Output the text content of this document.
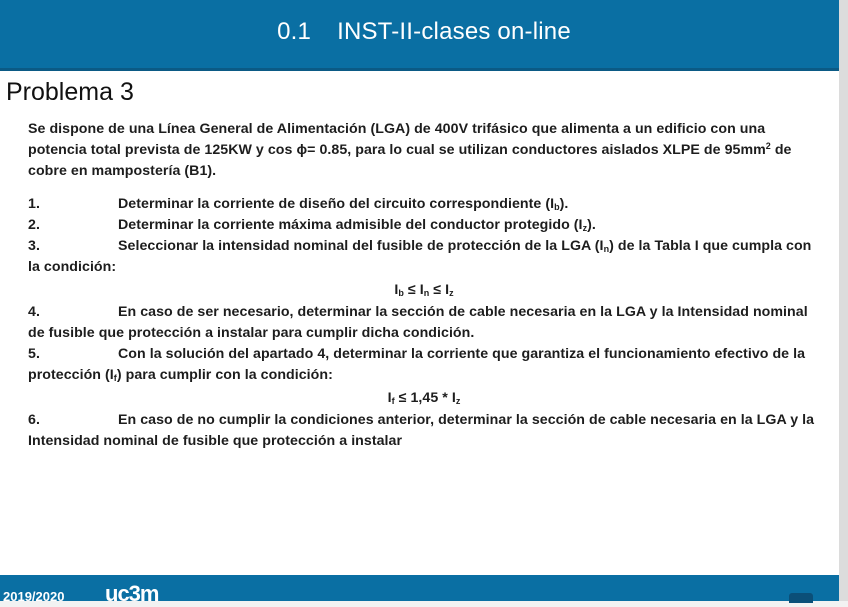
0.1 INST-II-clases on-line
Problema 3

Se dispone de una Línea General de Alimentación (LGA) de 400V trifásico que alimenta a un edificio con una potencia total prevista de 125KW y cos ϕ= 0.85, para lo cual se utilizan conductores aislados XLPE de $95mm^2$ de cobre en mampostería (B1).

1.	Determinar la corriente de diseño del circuito correspondiente $(I_b)$.

2.	Determinar la corriente máxima admisible del conductor protegido $(I_z)$.

3.	Seleccionar la intensidad nominal del fusible de protección de la LGA $(I_n)$ de la Tabla I que cumpla con la condición:

$I_b \le I_n \le I_z$

4.	En caso de ser necesario, determinar la sección de cable necesaria en la LGA y la Intensidad nominal de fusible que protección a instalar para cumplir dicha condición.

5.	Con la solución del apartado 4, determinar la corriente que garantiza el funcionamiento efectivo de la protección $(I_f)$ para cumplir con la condición:

$I_f \le 1,45 * I_z$

6.	En caso de no cumplir la condiciones anterior, determinar la sección de cable necesaria en la LGA y la Intensidad nominal de fusible que protección a instalar

2019/2020 uc3m
